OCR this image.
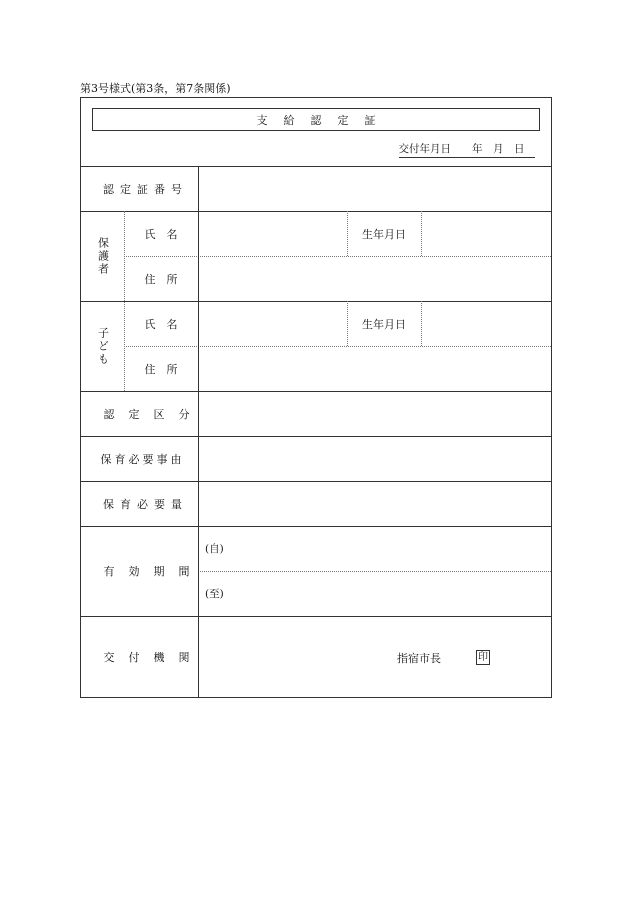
第3号様式(第3条，第7条関係)
支給認定証
交付年月日　　年　月　日　
認定証番号
保護者
氏　名	生年月日
住　所
子ども
氏　名	生年月日
住　所
認定区分
保育必要事由
保育必要量
有効期間
(自)
(至)
交付機関	指宿市長	印
